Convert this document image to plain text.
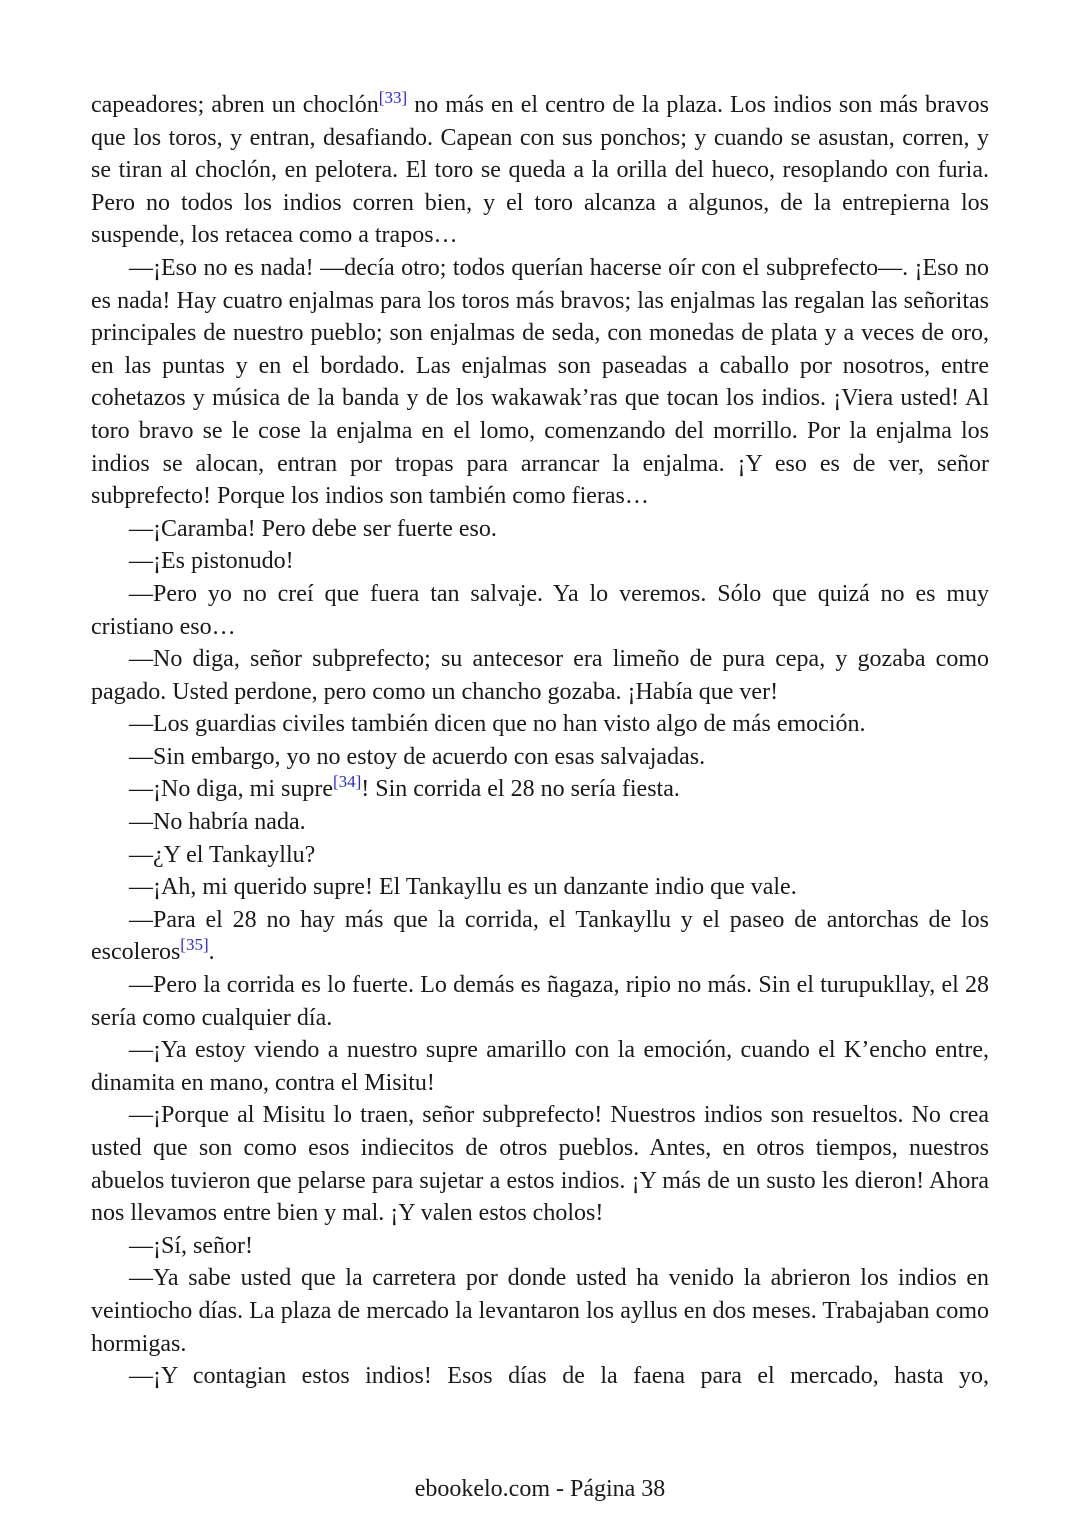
capeadores; abren un choclón[33] no más en el centro de la plaza. Los indios son más bravos que los toros, y entran, desafiando. Capean con sus ponchos; y cuando se asustan, corren, y se tiran al choclón, en pelotera. El toro se queda a la orilla del hueco, resoplando con furia. Pero no todos los indios corren bien, y el toro alcanza a algunos, de la entrepierna los suspende, los retacea como a trapos…

—¡Eso no es nada! —decía otro; todos querían hacerse oír con el subprefecto—. ¡Eso no es nada! Hay cuatro enjalmas para los toros más bravos; las enjalmas las regalan las señoritas principales de nuestro pueblo; son enjalmas de seda, con monedas de plata y a veces de oro, en las puntas y en el bordado. Las enjalmas son paseadas a caballo por nosotros, entre cohetazos y música de la banda y de los wakawak’ras que tocan los indios. ¡Viera usted! Al toro bravo se le cose la enjalma en el lomo, comenzando del morrillo. Por la enjalma los indios se alocan, entran por tropas para arrancar la enjalma. ¡Y eso es de ver, señor subprefecto! Porque los indios son también como fieras…

—¡Caramba! Pero debe ser fuerte eso.

—¡Es pistonudo!

—Pero yo no creí que fuera tan salvaje. Ya lo veremos. Sólo que quizá no es muy cristiano eso…

—No diga, señor subprefecto; su antecesor era limeño de pura cepa, y gozaba como pagado. Usted perdone, pero como un chancho gozaba. ¡Había que ver!

—Los guardias civiles también dicen que no han visto algo de más emoción.

—Sin embargo, yo no estoy de acuerdo con esas salvajadas.

—¡No diga, mi supre[34]! Sin corrida el 28 no sería fiesta.

—No habría nada.

—¿Y el Tankayllu?

—¡Ah, mi querido supre! El Tankayllu es un danzante indio que vale.

—Para el 28 no hay más que la corrida, el Tankayllu y el paseo de antorchas de los escoleros[35].

—Pero la corrida es lo fuerte. Lo demás es ñagaza, ripio no más. Sin el turupukllay, el 28 sería como cualquier día.

—¡Ya estoy viendo a nuestro supre amarillo con la emoción, cuando el K’encho entre, dinamita en mano, contra el Misitu!

—¡Porque al Misitu lo traen, señor subprefecto! Nuestros indios son resueltos. No crea usted que son como esos indiecitos de otros pueblos. Antes, en otros tiempos, nuestros abuelos tuvieron que pelarse para sujetar a estos indios. ¡Y más de un susto les dieron! Ahora nos llevamos entre bien y mal. ¡Y valen estos cholos!

—¡Sí, señor!

—Ya sabe usted que la carretera por donde usted ha venido la abrieron los indios en veintiocho días. La plaza de mercado la levantaron los ayllus en dos meses. Trabajaban como hormigas.

—¡Y contagian estos indios! Esos días de la faena para el mercado, hasta yo,

ebookelo.com - Página 38
